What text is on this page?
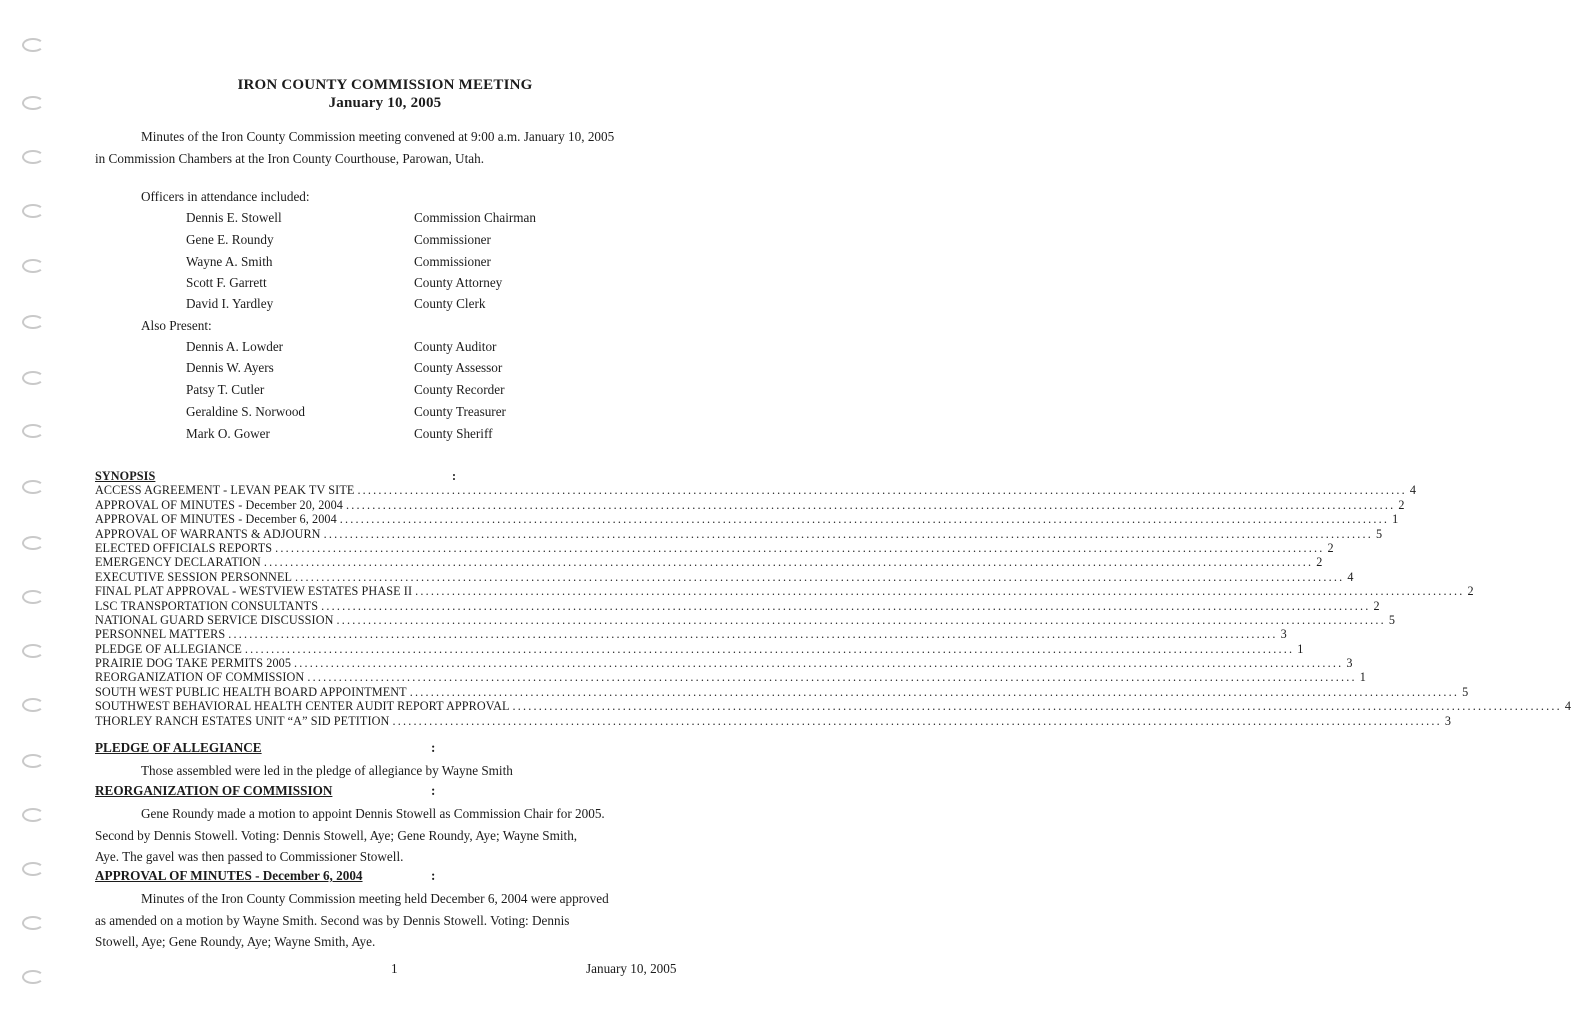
IRON COUNTY COMMISSION MEETING
January 10, 2005
Minutes of the Iron County Commission meeting convened at 9:00 a.m. January 10, 2005
in Commission Chambers at the Iron County Courthouse, Parowan, Utah.
Officers in attendance included:
Dennis E. Stowell	Commission Chairman
Gene E. Roundy	Commissioner
Wayne A. Smith	Commissioner
Scott F. Garrett	County Attorney
David I. Yardley	County Clerk
Also Present:
Dennis A. Lowder	County Auditor
Dennis W. Ayers	County Assessor
Patsy T. Cutler	County Recorder
Geraldine S. Norwood	County Treasurer
Mark O. Gower	County Sheriff
SYNOPSIS	:
ACCESS AGREEMENT - LEVAN PEAK TV SITE ........................................................................................................................................................................................................ 4
APPROVAL OF MINUTES - December 20, 2004 ........................................................................................................................................................................................................ 2
APPROVAL OF MINUTES - December 6, 2004 ........................................................................................................................................................................................................ 1
APPROVAL OF WARRANTS & ADJOURN ........................................................................................................................................................................................................ 5
ELECTED OFFICIALS REPORTS ........................................................................................................................................................................................................ 2
EMERGENCY DECLARATION ........................................................................................................................................................................................................ 2
EXECUTIVE SESSION PERSONNEL ........................................................................................................................................................................................................ 4
FINAL PLAT APPROVAL - WESTVIEW ESTATES PHASE II ........................................................................................................................................................................................................ 2
LSC TRANSPORTATION CONSULTANTS ........................................................................................................................................................................................................ 2
NATIONAL GUARD SERVICE DISCUSSION ........................................................................................................................................................................................................ 5
PERSONNEL MATTERS ........................................................................................................................................................................................................ 3
PLEDGE OF ALLEGIANCE ........................................................................................................................................................................................................ 1
PRAIRIE DOG TAKE PERMITS 2005 ........................................................................................................................................................................................................ 3
REORGANIZATION OF COMMISSION ........................................................................................................................................................................................................ 1
SOUTH WEST PUBLIC HEALTH BOARD APPOINTMENT ........................................................................................................................................................................................................ 5
SOUTHWEST BEHAVIORAL HEALTH CENTER AUDIT REPORT APPROVAL ........................................................................................................................................................................................................ 4
THORLEY RANCH ESTATES UNIT “A” SID PETITION ........................................................................................................................................................................................................ 3
PLEDGE OF ALLEGIANCE	:
Those assembled were led in the pledge of allegiance by Wayne Smith
REORGANIZATION OF COMMISSION	:
Gene Roundy made a motion to appoint Dennis Stowell as Commission Chair for 2005.
Second by Dennis Stowell. Voting: Dennis Stowell, Aye; Gene Roundy, Aye; Wayne Smith,
Aye. The gavel was then passed to Commissioner Stowell.
APPROVAL OF MINUTES - December 6, 2004	:
Minutes of the Iron County Commission meeting held December 6, 2004 were approved
as amended on a motion by Wayne Smith. Second was by Dennis Stowell. Voting: Dennis
Stowell, Aye; Gene Roundy, Aye; Wayne Smith, Aye.
1	January 10, 2005
